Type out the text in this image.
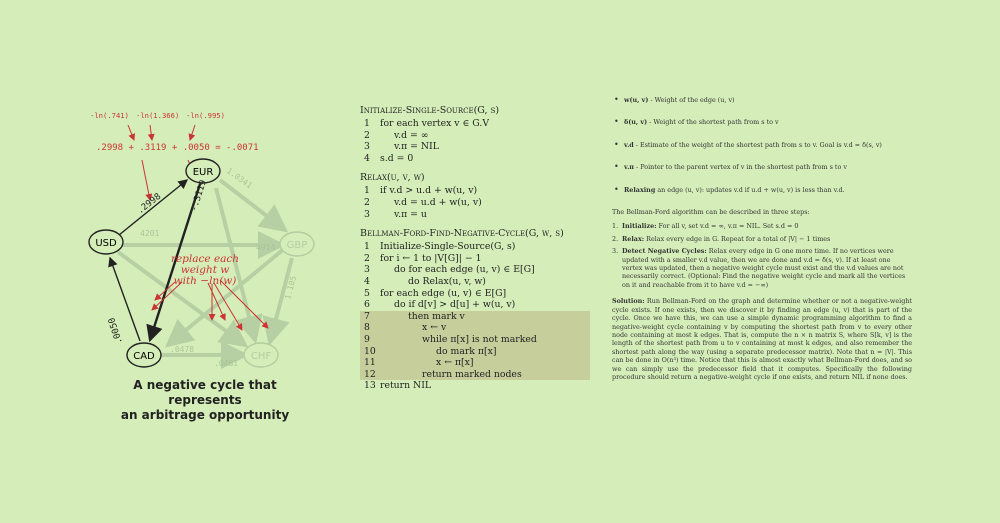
EUR
USD	GBP
CAD	CHF
.2998	-.3119
.0050
4201
4914
1.0341
.0478
.0481
1.105
-ln(.741) -ln(1.366) -ln(.995)
.2998 + .3119 + .0050 = -.0071
replace each
weight w
with −ln(w)
A negative cycle that represents
an arbitrage opportunity
Initialize-Single-Source(G, s)
1	for each vertex v ∈ G.V
2	v.d = ∞
3	v.π = NIL
4	s.d = 0
Relax(u, v, w)
1	if v.d > u.d + w(u, v)
2	v.d = u.d + w(u, v)
3	v.π = u
Bellman-Ford-Find-Negative-Cycle(G, w, s)
1	Initialize-Single-Source(G, s)
2	for i ← 1 to |V[G]| − 1
3	do for each edge (u, v) ∈ E[G]
4	do Relax(u, v, w)
5	for each edge (u, v) ∈ E[G]
6	do if d[v] > d[u] + w(u, v)
7	then mark v
8	x ← v
9	while π[x] is not marked
10	do mark π[x]
11	x ← π[x]
12	return marked nodes
13 return NIL
• w(u, v) - Weight of the edge (u, v)
• δ(u, v) - Weight of the shortest path from s to v
• v.d - Estimate of the weight of the shortest path from s to v. Goal is v.d = δ(s, v)
• v.π - Pointer to the parent vertex of v in the shortest path from s to v
• Relaxing an edge (u, v): updates v.d if u.d + w(u, v) is less than v.d.
The Bellman-Ford algorithm can be described in three steps:
1. Initialize: For all v, set v.d = ∞, v.π = NIL. Set s.d = 0
2. Relax: Relax every edge in G. Repeat for a total of |V| − 1 times
3. Detect Negative Cycles: Relax every edge in G one more time. If no vertices were updated with a smaller v.d value, then we are done and v.d = δ(s, v). If at least one vertex was updated, then a negative weight cycle must exist and the v.d values are not necessarily correct. (Optional: Find the negative weight cycle and mark all the vertices on it and reachable from it to have v.d = −∞)
Solution: Run Bellman-Ford on the graph and determine whether or not a negative-weight cycle exists. If one exists, then we discover it by finding an edge (u, v) that is part of the cycle. Once we have this, we can use a simple dynamic programming algorithm to find a negative-weight cycle containing v by computing the shortest path from v to every other node containing at most k edges. That is, compute the n × n matrix S, where S[k, v] is the length of the shortest path from u to v containing at most k edges, and also remember the shortest path along the way (using a separate predecessor matrix). Note that n = |V|. This can be done in O(n³) time. Notice that this is almost exactly what Bellman-Ford does, and so we can simply use the predecessor field that it computes. Specifically the following procedure should return a negative-weight cycle if one exists, and return NIL if none does.
